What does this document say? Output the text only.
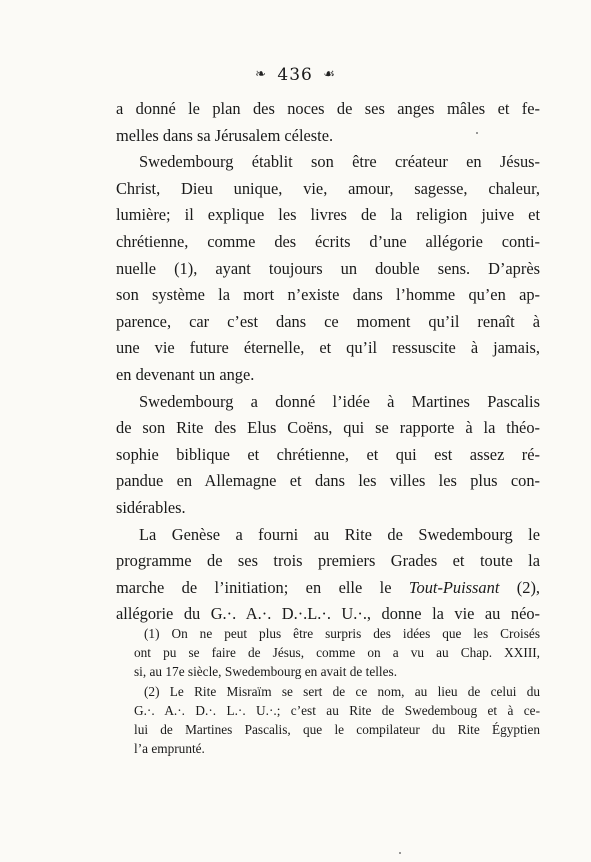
❧ 436 ☙

a donné le plan des noces de ses anges mâles et fe-
melles dans sa Jérusalem céleste.

Swedembourg établit son être créateur en Jésus-
Christ, Dieu unique, vie, amour, sagesse, chaleur,
lumière; il explique les livres de la religion juive et
chrétienne, comme des écrits d’une allégorie conti-
nuelle (1), ayant toujours un double sens. D’après
son système la mort n’existe dans l’homme qu’en ap-
parence, car c’est dans ce moment qu’il renaît à
une vie future éternelle, et qu’il ressuscite à jamais,
en devenant un ange.

Swedembourg a donné l’idée à Martines Pascalis
de son Rite des Elus Coëns, qui se rapporte à la théo-
sophie biblique et chrétienne, et qui est assez ré-
pandue en Allemagne et dans les villes les plus con-
sidérables.

La Genèse a fourni au Rite de Swedembourg le
programme de ses trois premiers Grades et toute la
marche de l’initiation; en elle le Tout-Puissant (2),
allégorie du G.·. A.·. D.·.L.·. U.·., donne la vie au néo-

(1) On ne peut plus être surpris des idées que les Croisés
ont pu se faire de Jésus, comme on a vu au Chap. XXIII,
si, au 17e siècle, Swedembourg en avait de telles.
(2) Le Rite Misraïm se sert de ce nom, au lieu de celui du
G.·. A.·. D.·. L.·. U.·.; c’est au Rite de Swedemboug et à ce-
lui de Martines Pascalis, que le compilateur du Rite Égyptien
l’a emprunté.
